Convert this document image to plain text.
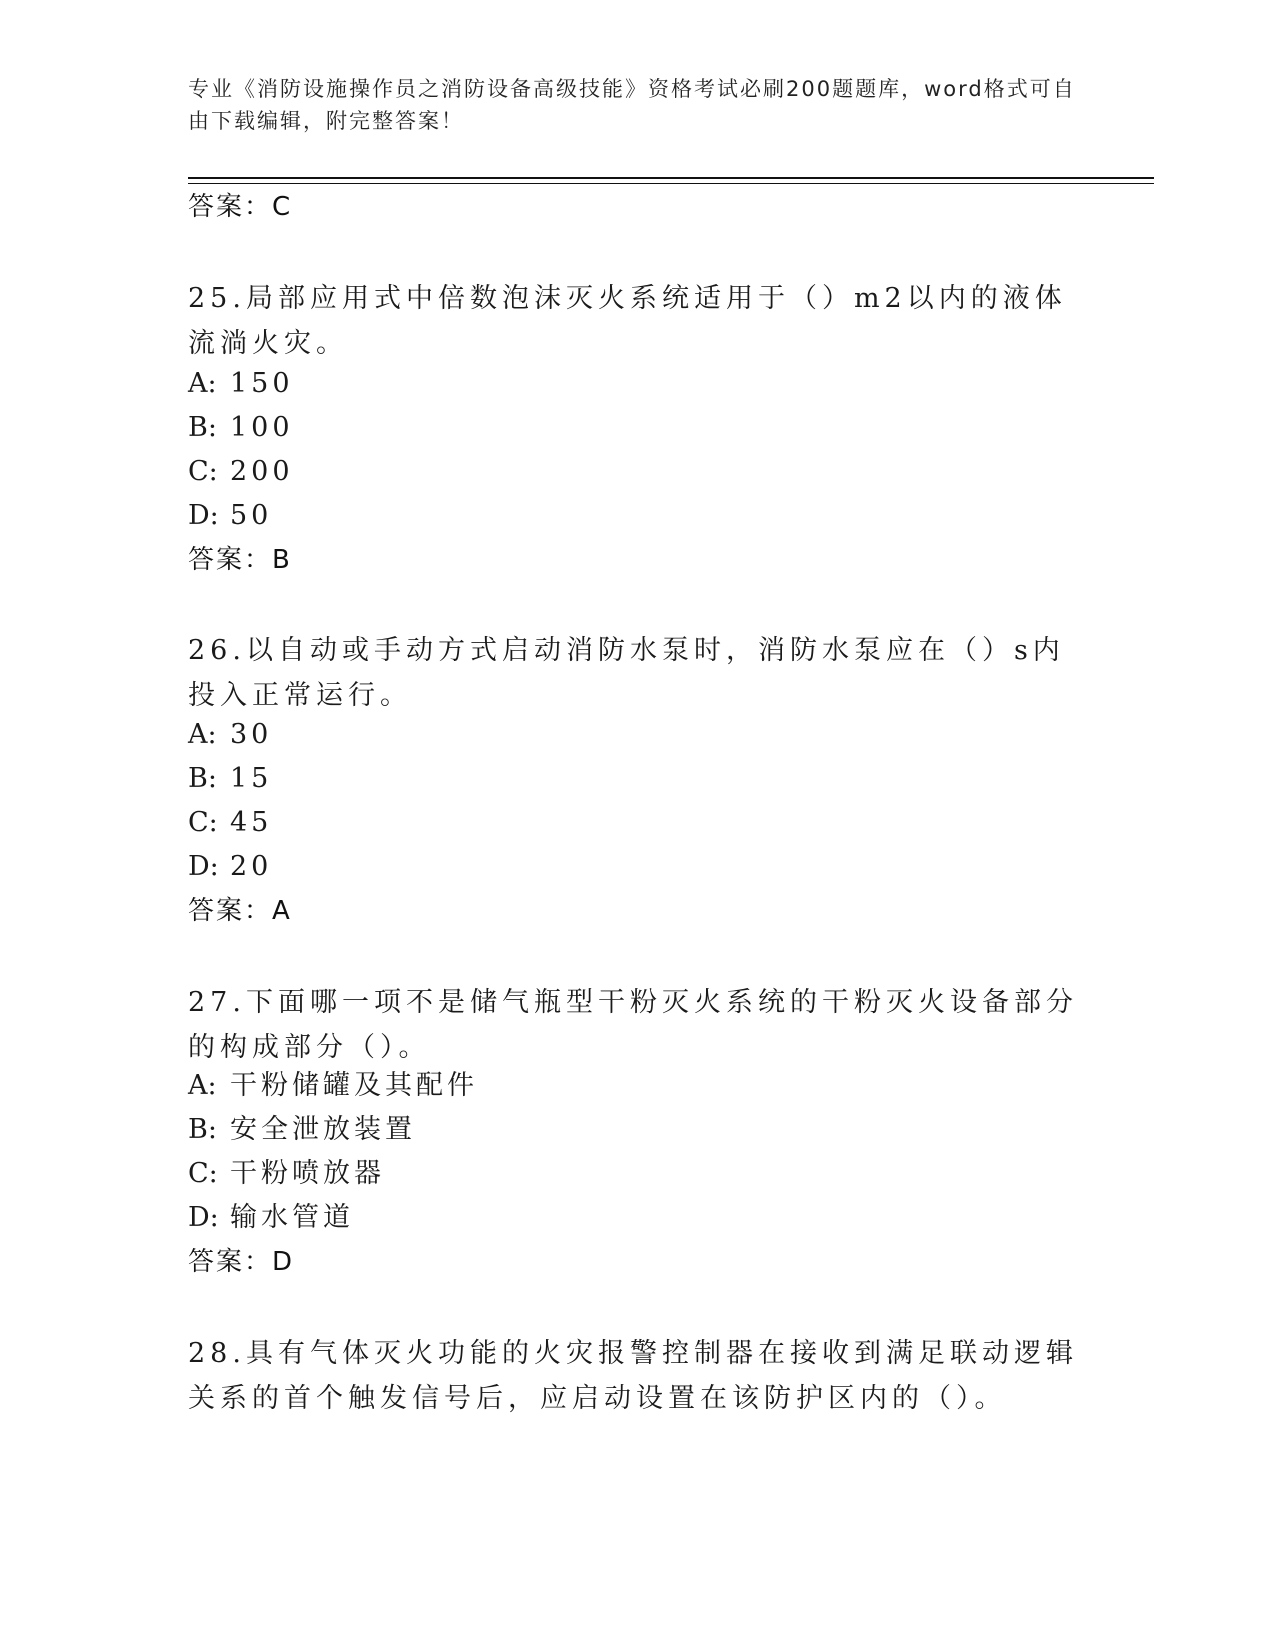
专业《消防设施操作员之消防设备高级技能》资格考试必刷200题题库，word格式可自由下载编辑，附完整答案！
答案：C
25.局部应用式中倍数泡沫灭火系统适用于（）m2以内的液体流淌火灾。
A: 150
B: 100
C: 200
D: 50
答案：B
26.以自动或手动方式启动消防水泵时，消防水泵应在（）s内投入正常运行。
A: 30
B: 15
C: 45
D: 20
答案：A
27.下面哪一项不是储气瓶型干粉灭火系统的干粉灭火设备部分的构成部分（）。
A: 干粉储罐及其配件
B: 安全泄放装置
C: 干粉喷放器
D: 输水管道
答案：D
28.具有气体灭火功能的火灾报警控制器在接收到满足联动逻辑关系的首个触发信号后，应启动设置在该防护区内的（）。
